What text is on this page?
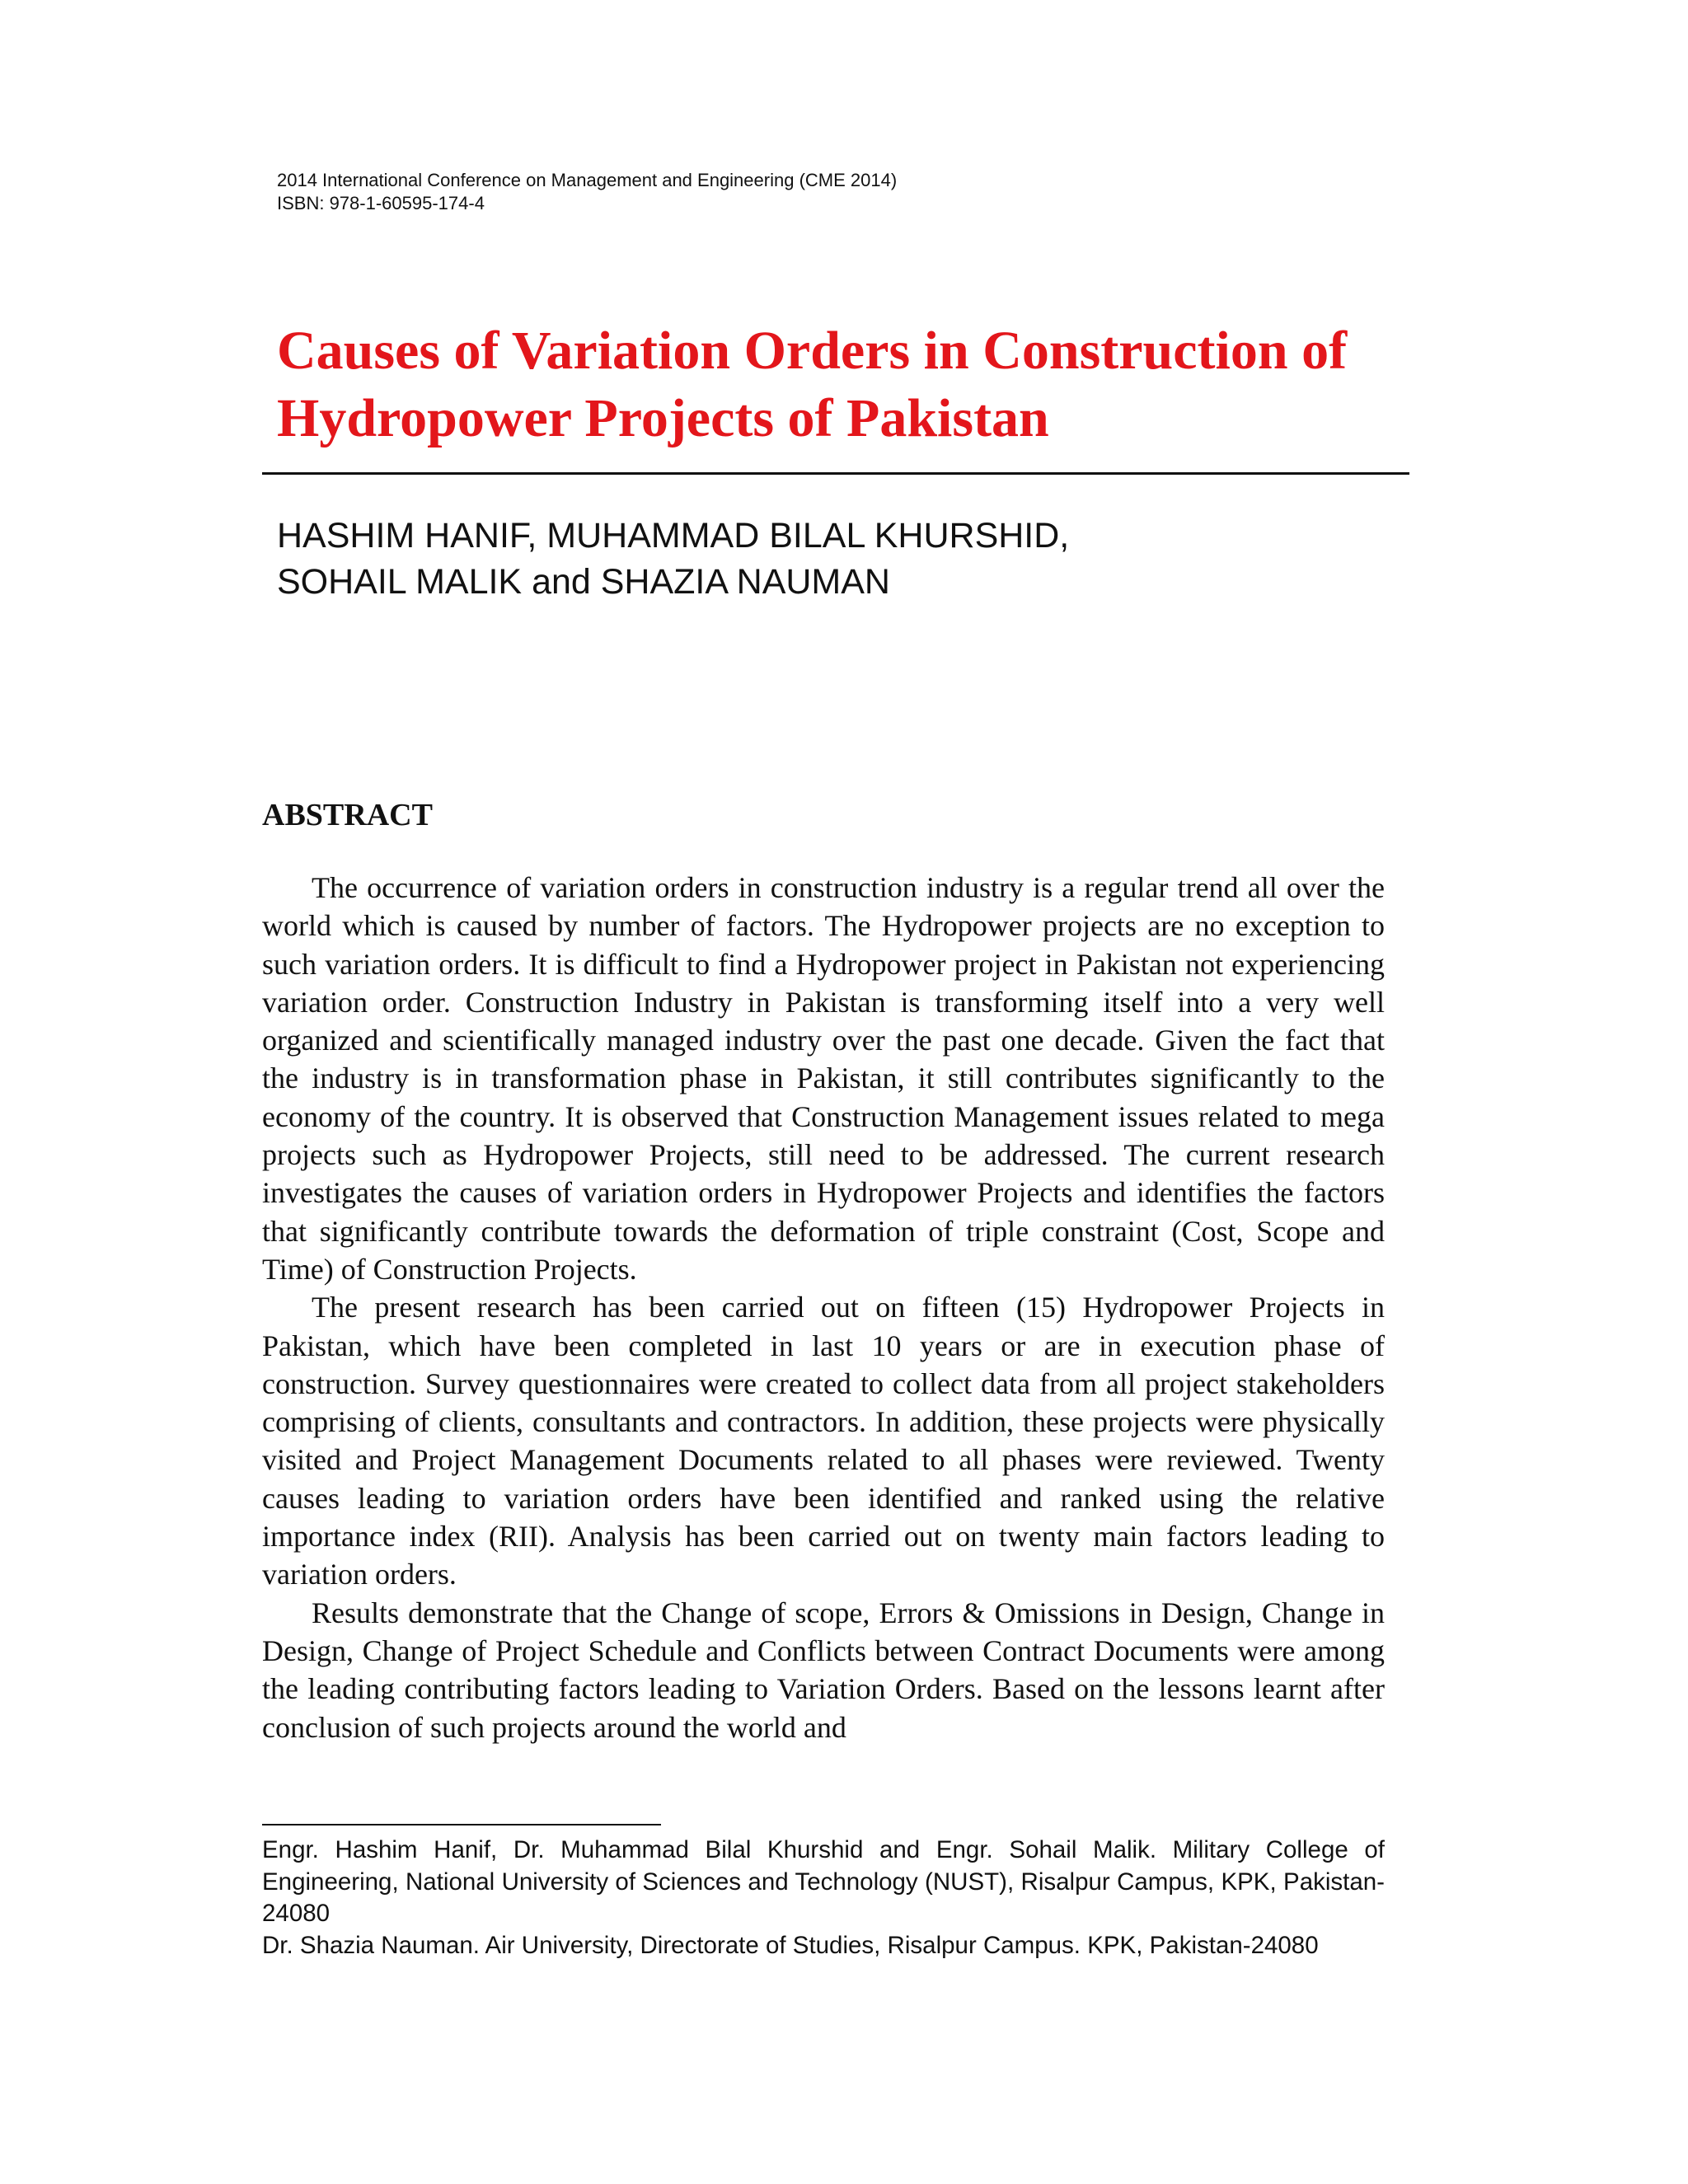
2014 International Conference on Management and Engineering (CME 2014)
ISBN: 978-1-60595-174-4
Causes of Variation Orders in Construction of
Hydropower Projects of Pakistan
HASHIM HANIF, MUHAMMAD BILAL KHURSHID,
SOHAIL MALIK and SHAZIA NAUMAN
ABSTRACT

The occurrence of variation orders in construction industry is a regular trend all over the world which is caused by number of factors. The Hydropower projects are no exception to such variation orders. It is difficult to find a Hydropower project in Pakistan not experiencing variation order. Construction Industry in Pakistan is transforming itself into a very well organized and scientifically managed industry over the past one decade. Given the fact that the industry is in transformation phase in Pakistan, it still contributes significantly to the economy of the country. It is observed that Construction Management issues related to mega projects such as Hydropower Projects, still need to be addressed. The current research investigates the causes of variation orders in Hydropower Projects and identifies the factors that significantly contribute towards the deformation of triple constraint (Cost, Scope and Time) of Construction Projects.

The present research has been carried out on fifteen (15) Hydropower Projects in Pakistan, which have been completed in last 10 years or are in execution phase of construction. Survey questionnaires were created to collect data from all project stakeholders comprising of clients, consultants and contractors. In addition, these projects were physically visited and Project Management Documents related to all phases were reviewed. Twenty causes leading to variation orders have been identified and ranked using the relative importance index (RII). Analysis has been carried out on twenty main factors leading to variation orders.

Results demonstrate that the Change of scope, Errors & Omissions in Design, Change in Design, Change of Project Schedule and Conflicts between Contract Documents were among the leading contributing factors leading to Variation Orders. Based on the lessons learnt after conclusion of such projects around the world and

Engr. Hashim Hanif, Dr. Muhammad Bilal Khurshid and Engr. Sohail Malik. Military College of Engineering, National University of Sciences and Technology (NUST), Risalpur Campus, KPK, Pakistan-24080

Dr. Shazia Nauman. Air University, Directorate of Studies, Risalpur Campus. KPK, Pakistan-24080
